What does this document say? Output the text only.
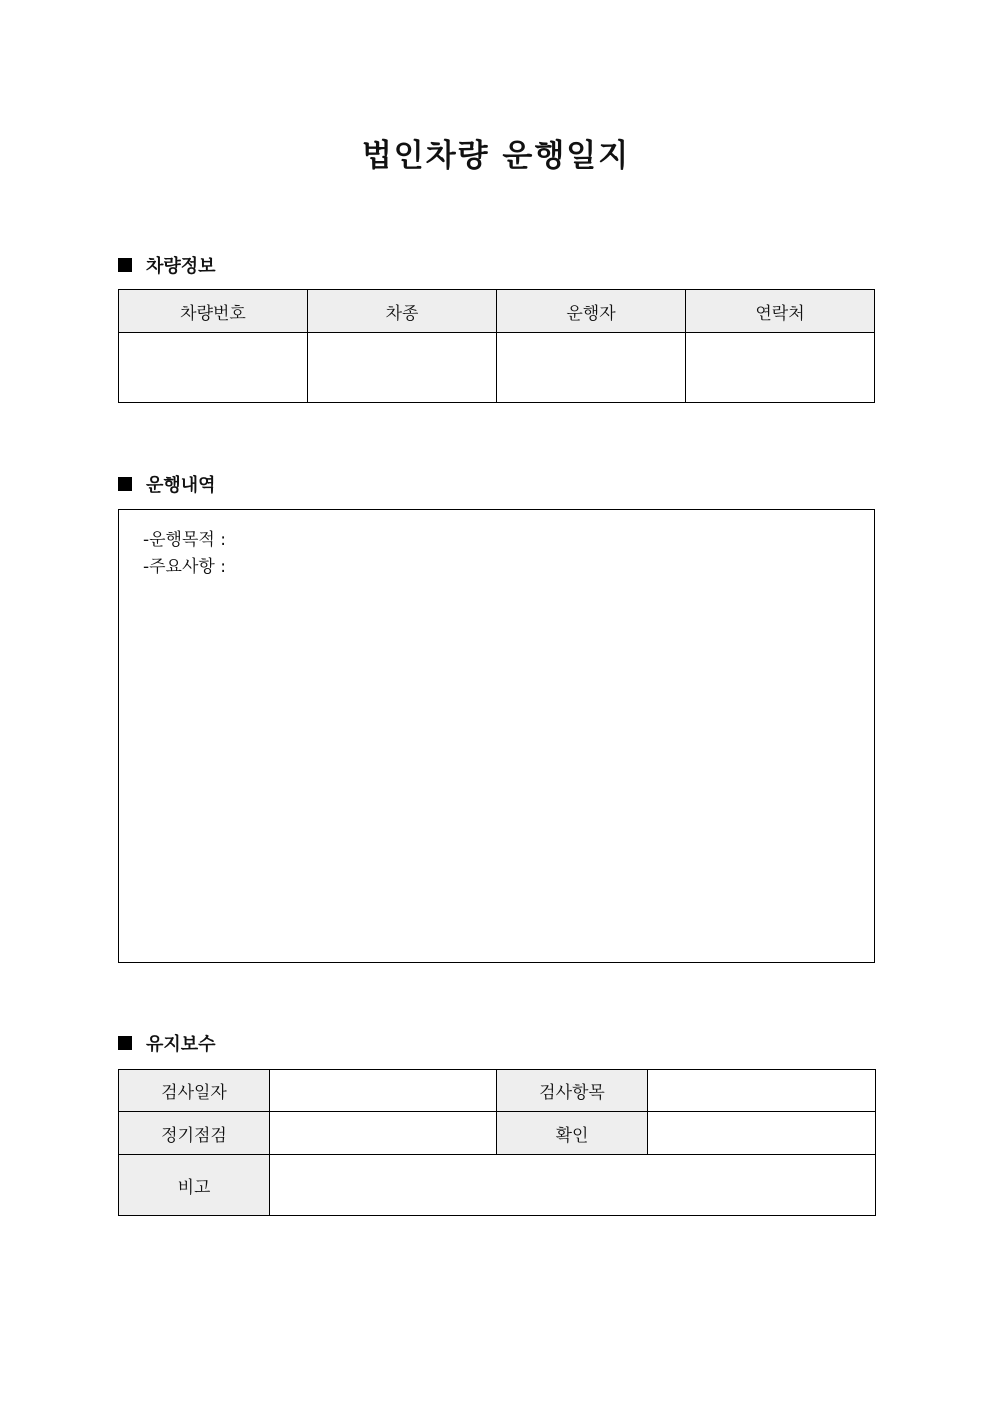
법인차량 운행일지
차량정보
차량번호	차종	운행자	연락처

운행내역
-운행목적 :
-주요사항 :
유지보수
검사일자		검사항목	
정기점검		확인	
비고			
